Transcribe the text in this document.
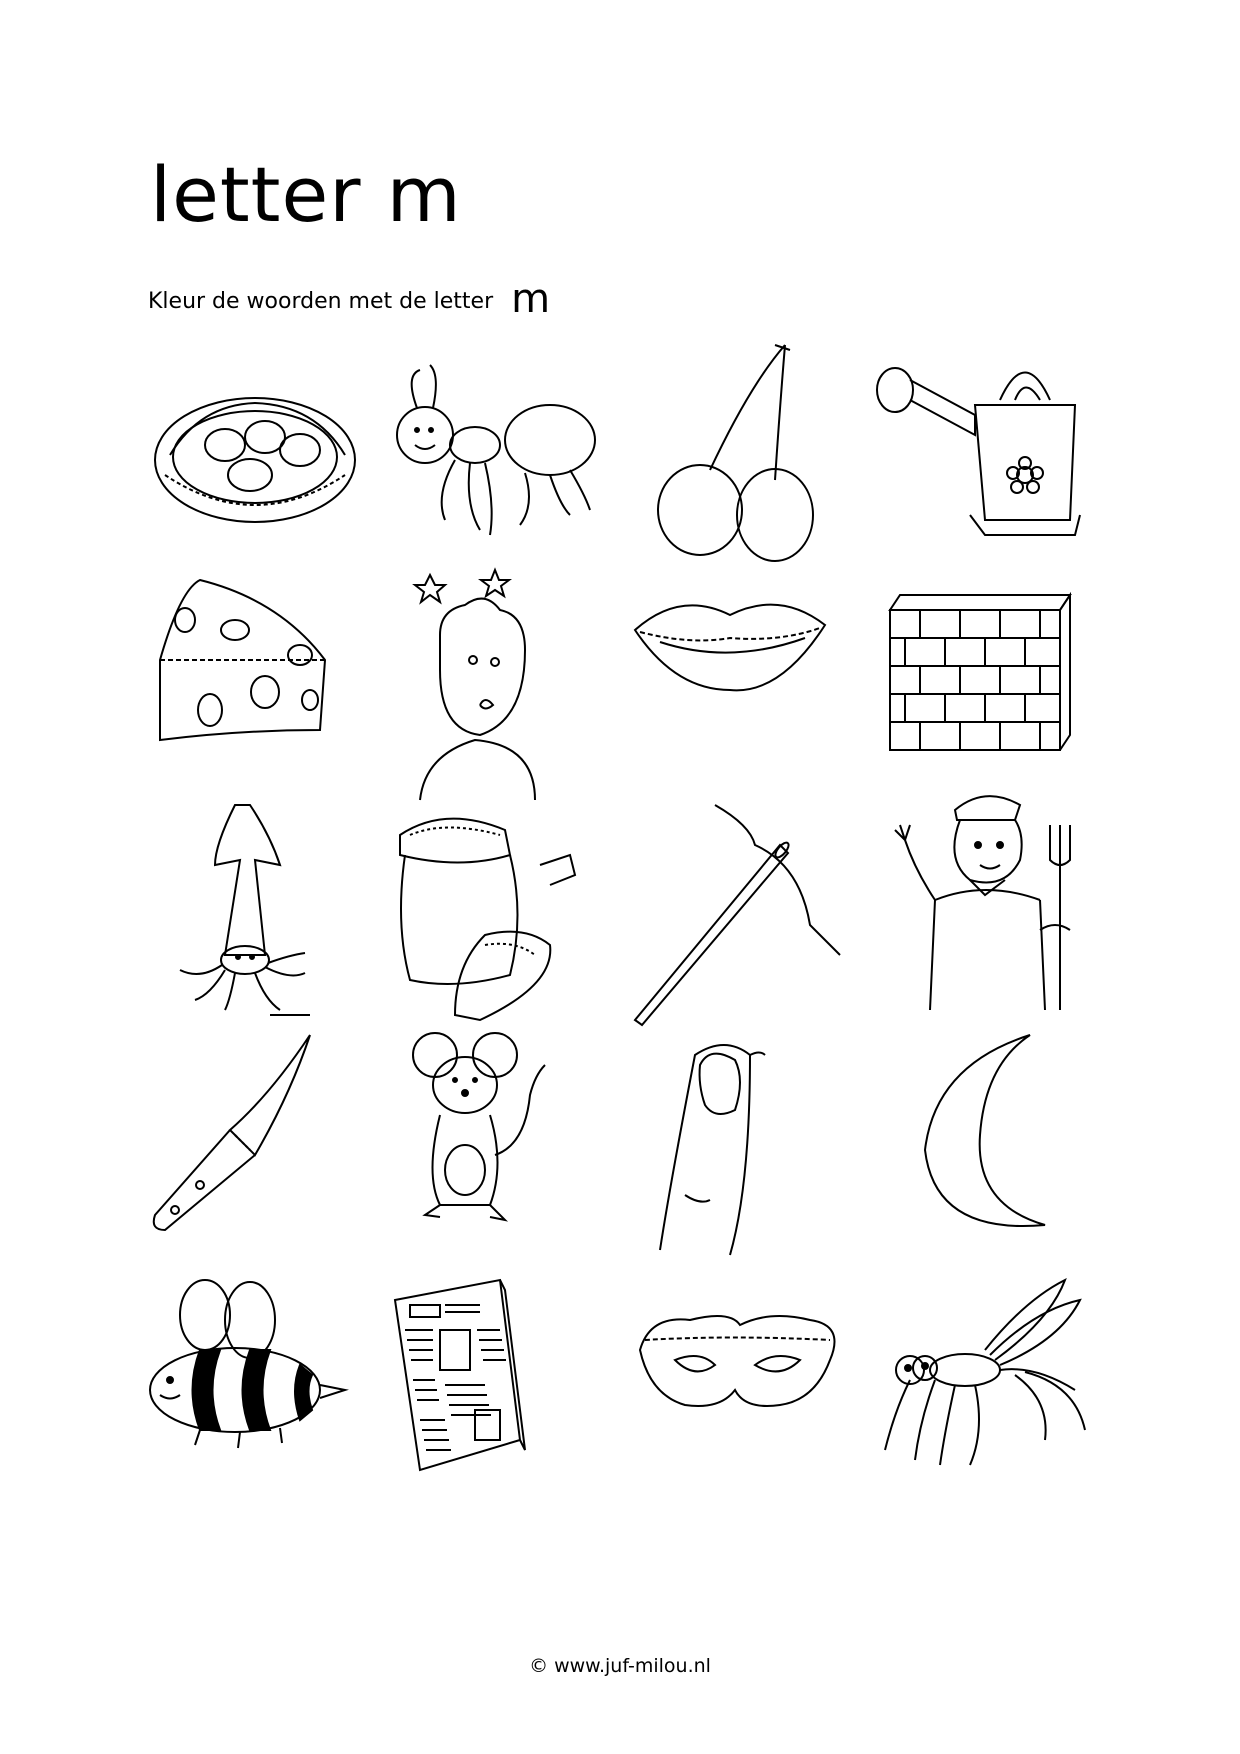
letter m
Kleur de woorden met de letter m
© www.juf-milou.nl
